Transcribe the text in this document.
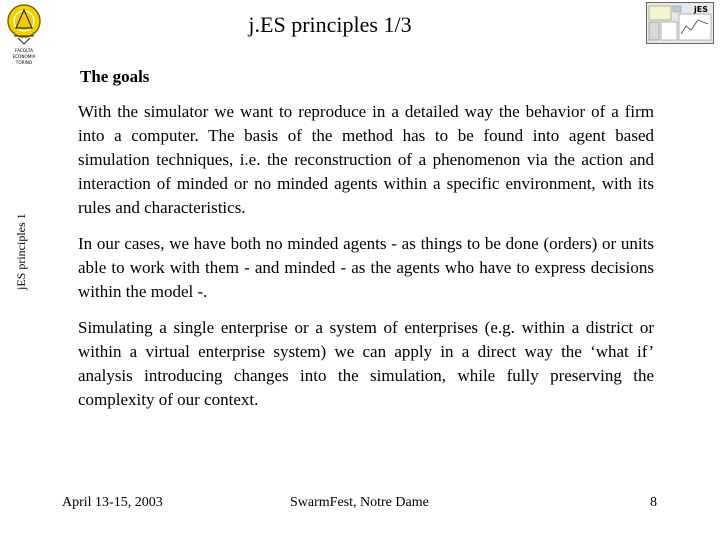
FACOLTA
ECONOMIA
TORINO
jES
j.ES principles 1/3
jES principles 1
The goals

With the simulator we want to reproduce in a detailed way the behavior of a firm into a computer. The basis of the method has to be found into agent based simulation techniques, i.e. the reconstruction of a phenomenon via the action and interaction of minded or no minded agents within a specific environment, with its rules and characteristics.

In our cases, we have both no minded agents - as things to be done (orders) or units able to work with them - and minded - as the agents who have to express decisions within the model -.

Simulating a single enterprise or a system of enterprises (e.g. within a district or within a virtual enterprise system) we can apply in a direct way the ‘what if’ analysis introducing changes into the simulation, while fully preserving the complexity of our context.

April 13-15, 2003	SwarmFest, Notre Dame	8
